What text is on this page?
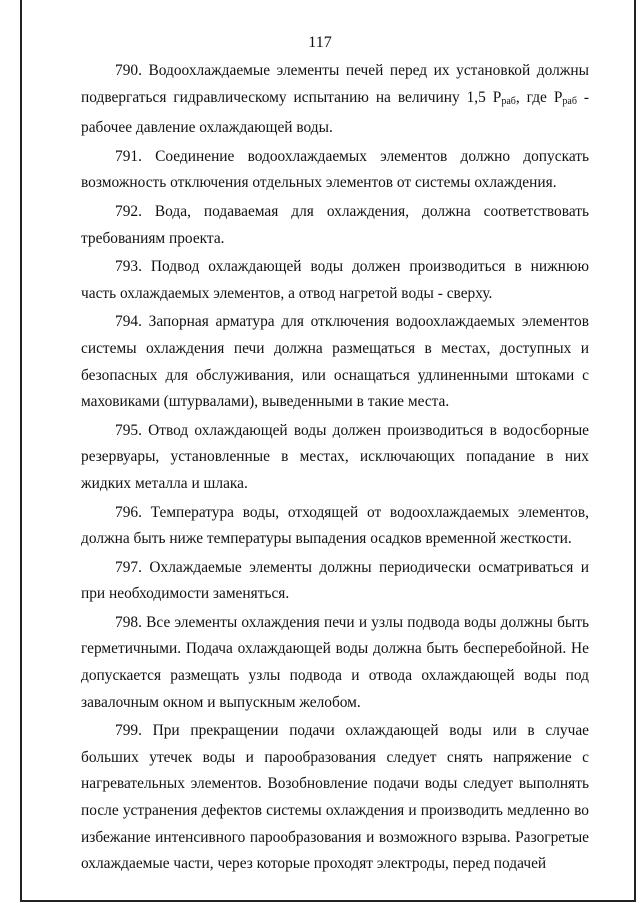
117

790. Водоохлаждаемые элементы печей перед их установкой должны подвергаться гидравлическому испытанию на величину 1,5 $P_{раб}$, где $P_{раб}$ - рабочее давление охлаждающей воды.

791. Соединение водоохлаждаемых элементов должно допускать возможность отключения отдельных элементов от системы охлаждения.

792. Вода, подаваемая для охлаждения, должна соответствовать требованиям проекта.

793. Подвод охлаждающей воды должен производиться в нижнюю часть охлаждаемых элементов, а отвод нагретой воды - сверху.

794. Запорная арматура для отключения водоохлаждаемых элементов системы охлаждения печи должна размещаться в местах, доступных и безопасных для обслуживания, или оснащаться удлиненными штоками с маховиками (штурвалами), выведенными в такие места.

795. Отвод охлаждающей воды должен производиться в водосборные резервуары, установленные в местах, исключающих попадание в них жидких металла и шлака.

796. Температура воды, отходящей от водоохлаждаемых элементов, должна быть ниже температуры выпадения осадков временной жесткости.

797. Охлаждаемые элементы должны периодически осматриваться и при необходимости заменяться.

798. Все элементы охлаждения печи и узлы подвода воды должны быть герметичными. Подача охлаждающей воды должна быть бесперебойной. Не допускается размещать узлы подвода и отвода охлаждающей воды под завалочным окном и выпускным желобом.

799. При прекращении подачи охлаждающей воды или в случае больших утечек воды и парообразования следует снять напряжение с нагревательных элементов. Возобновление подачи воды следует выполнять после устранения дефектов системы охлаждения и производить медленно во избежание интенсивного парообразования и возможного взрыва. Разогретые охлаждаемые части, через которые проходят электроды, перед подачей
